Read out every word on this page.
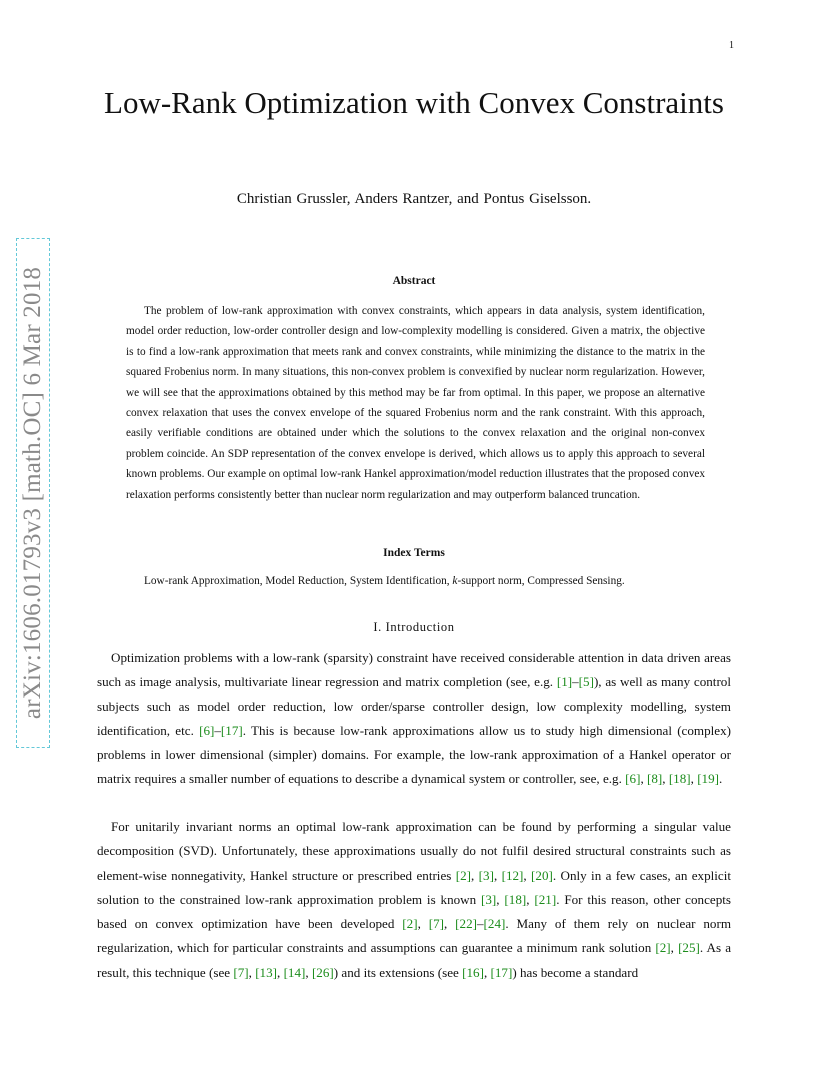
1
arXiv:1606.01793v3 [math.OC] 6 Mar 2018
Low-Rank Optimization with Convex Constraints
Christian Grussler, Anders Rantzer, and Pontus Giselsson.
Abstract

The problem of low-rank approximation with convex constraints, which appears in data analysis, system identification, model order reduction, low-order controller design and low-complexity modelling is considered. Given a matrix, the objective is to find a low-rank approximation that meets rank and convex constraints, while minimizing the distance to the matrix in the squared Frobenius norm. In many situations, this non-convex problem is convexified by nuclear norm regularization. However, we will see that the approximations obtained by this method may be far from optimal. In this paper, we propose an alternative convex relaxation that uses the convex envelope of the squared Frobenius norm and the rank constraint. With this approach, easily verifiable conditions are obtained under which the solutions to the convex relaxation and the original non-convex problem coincide. An SDP representation of the convex envelope is derived, which allows us to apply this approach to several known problems. Our example on optimal low-rank Hankel approximation/model reduction illustrates that the proposed convex relaxation performs consistently better than nuclear norm regularization and may outperform balanced truncation.

Index Terms

Low-rank Approximation, Model Reduction, System Identification, k-support norm, Compressed Sensing.

I. Introduction

Optimization problems with a low-rank (sparsity) constraint have received considerable attention in data driven areas such as image analysis, multivariate linear regression and matrix completion (see, e.g. [1]–[5]), as well as many control subjects such as model order reduction, low order/sparse controller design, low complexity modelling, system identification, etc. [6]–[17]. This is because low-rank approximations allow us to study high dimensional (complex) problems in lower dimensional (simpler) domains. For example, the low-rank approximation of a Hankel operator or matrix requires a smaller number of equations to describe a dynamical system or controller, see, e.g. [6], [8], [18], [19].

For unitarily invariant norms an optimal low-rank approximation can be found by performing a singular value decomposition (SVD). Unfortunately, these approximations usually do not fulfil desired structural constraints such as element-wise nonnegativity, Hankel structure or prescribed entries [2], [3], [12], [20]. Only in a few cases, an explicit solution to the constrained low-rank approximation problem is known [3], [18], [21]. For this reason, other concepts based on convex optimization have been developed [2], [7], [22]–[24]. Many of them rely on nuclear norm regularization, which for particular constraints and assumptions can guarantee a minimum rank solution [2], [25]. As a result, this technique (see [7], [13], [14], [26]) and its extensions (see [16], [17]) has become a standard
